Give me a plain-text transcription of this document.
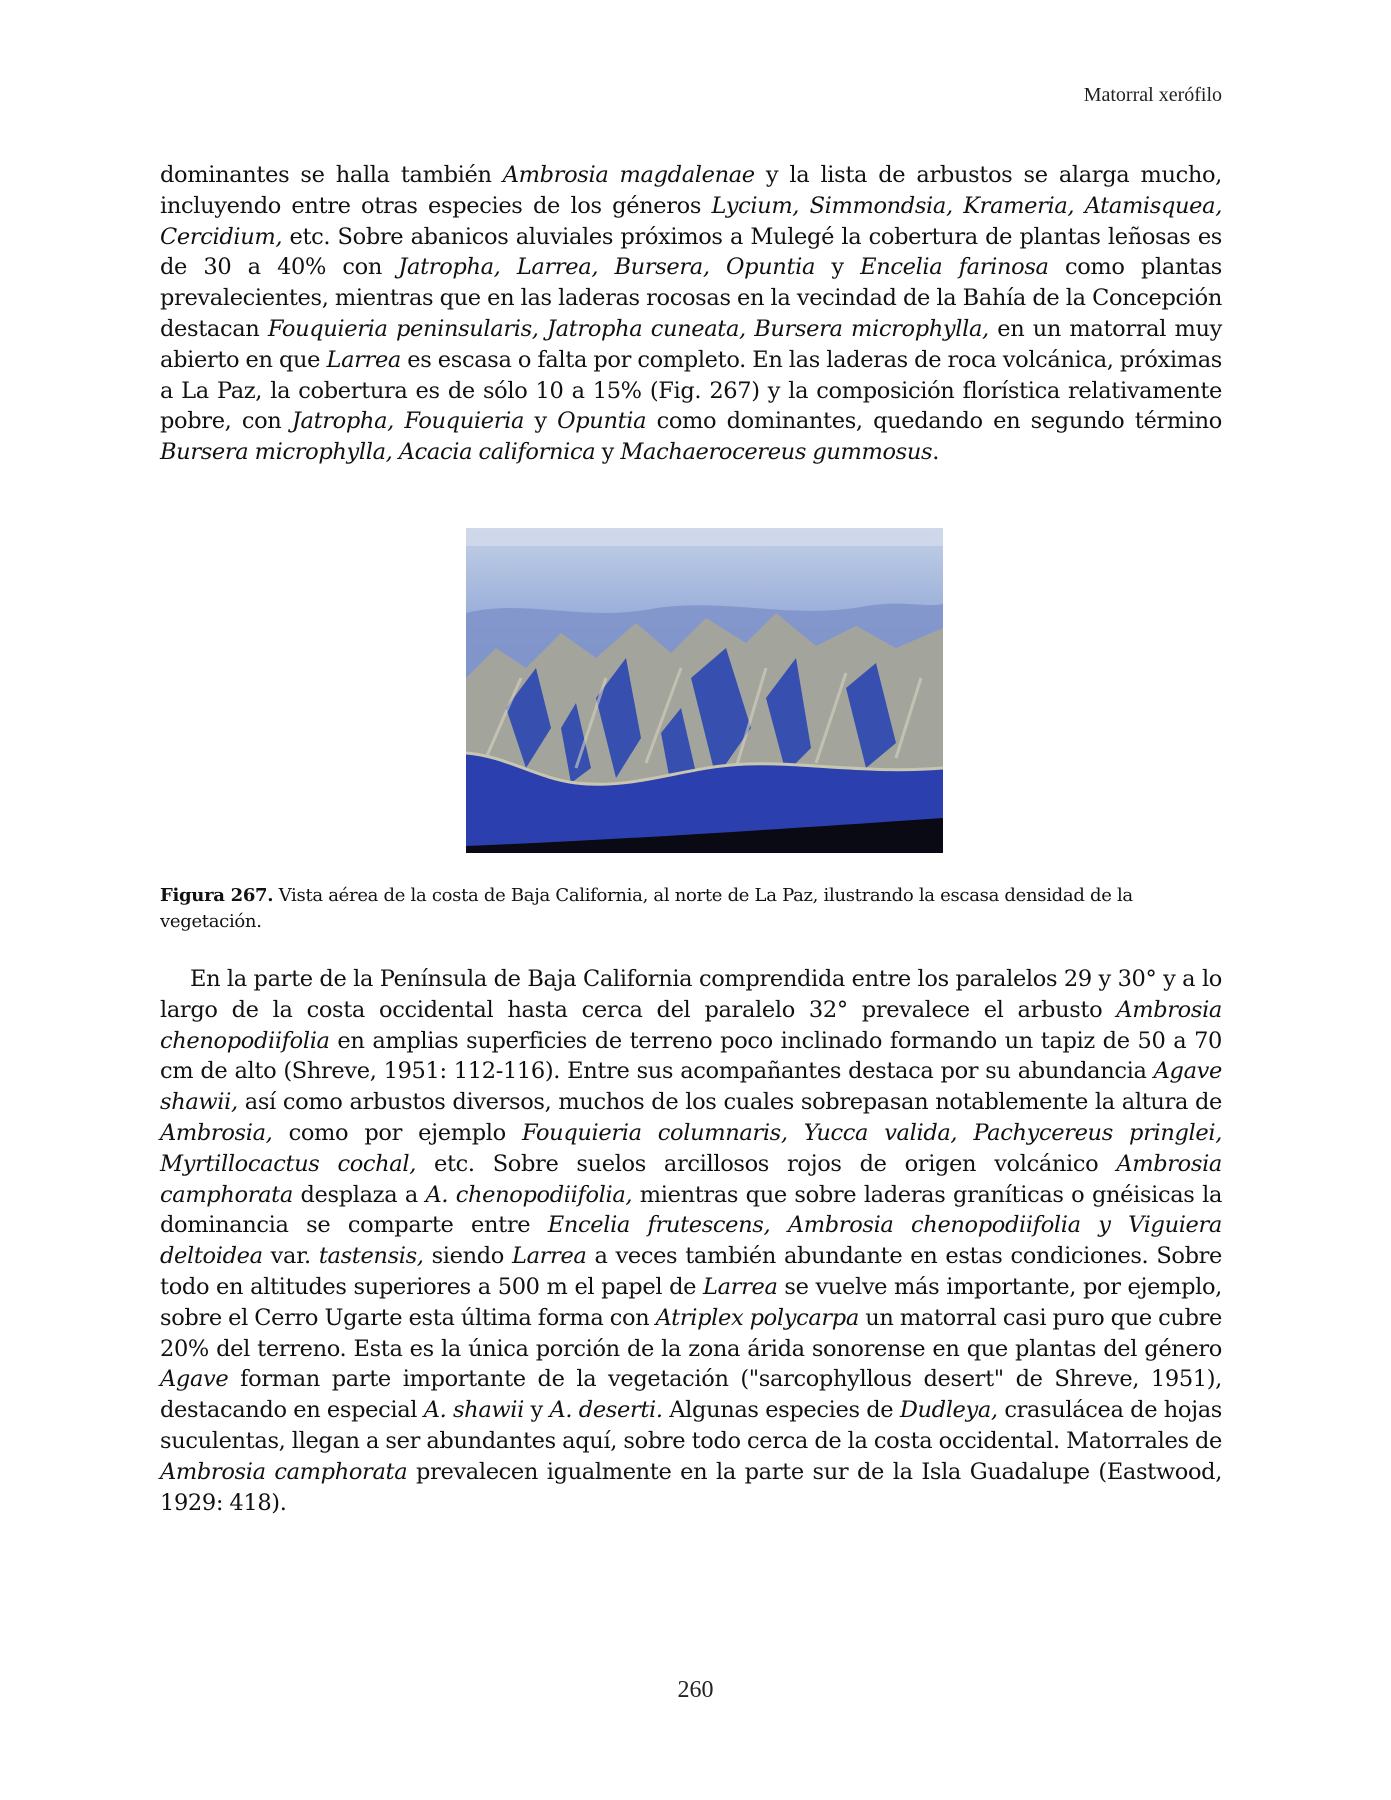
Matorral xerófilo

dominantes se halla también Ambrosia magdalenae y la lista de arbustos se alarga mucho, incluyendo entre otras especies de los géneros Lycium, Simmondsia, Krameria, Atamisquea, Cercidium, etc. Sobre abanicos aluviales próximos a Mulegé la cobertura de plantas leñosas es de 30 a 40% con Jatropha, Larrea, Bursera, Opuntia y Encelia farinosa como plantas prevalecientes, mientras que en las laderas rocosas en la vecindad de la Bahía de la Concepción destacan Fouquieria peninsularis, Jatropha cuneata, Bursera microphylla, en un matorral muy abierto en que Larrea es escasa o falta por completo. En las laderas de roca volcánica, próximas a La Paz, la cobertura es de sólo 10 a 15% (Fig. 267) y la composición florística relativamente pobre, con Jatropha, Fouquieria y Opuntia como dominantes, quedando en segundo término Bursera microphylla, Acacia californica y Machaerocereus gummosus.

Figura 267. Vista aérea de la costa de Baja California, al norte de La Paz, ilustrando la escasa densidad de la vegetación.

En la parte de la Península de Baja California comprendida entre los paralelos 29 y 30° y a lo largo de la costa occidental hasta cerca del paralelo 32° prevalece el arbusto Ambrosia chenopodiifolia en amplias superficies de terreno poco inclinado formando un tapiz de 50 a 70 cm de alto (Shreve, 1951: 112-116). Entre sus acompañantes destaca por su abundancia Agave shawii, así como arbustos diversos, muchos de los cuales sobrepasan notablemente la altura de Ambrosia, como por ejemplo Fouquieria columnaris, Yucca valida, Pachycereus pringlei, Myrtillocactus cochal, etc. Sobre suelos arcillosos rojos de origen volcánico Ambrosia camphorata desplaza a A. chenopodiifolia, mientras que sobre laderas graníticas o gnéisicas la dominancia se comparte entre Encelia frutescens, Ambrosia chenopodiifolia y Viguiera deltoidea var. tastensis, siendo Larrea a veces también abundante en estas condiciones. Sobre todo en altitudes superiores a 500 m el papel de Larrea se vuelve más importante, por ejemplo, sobre el Cerro Ugarte esta última forma con Atriplex polycarpa un matorral casi puro que cubre 20% del terreno. Esta es la única porción de la zona árida sonorense en que plantas del género Agave forman parte importante de la vegetación ("sarcophyllous desert" de Shreve, 1951), destacando en especial A. shawii y A. deserti. Algunas especies de Dudleya, crasulácea de hojas suculentas, llegan a ser abundantes aquí, sobre todo cerca de la costa occidental. Matorrales de Ambrosia camphorata prevalecen igualmente en la parte sur de la Isla Guadalupe (Eastwood, 1929: 418).

260
